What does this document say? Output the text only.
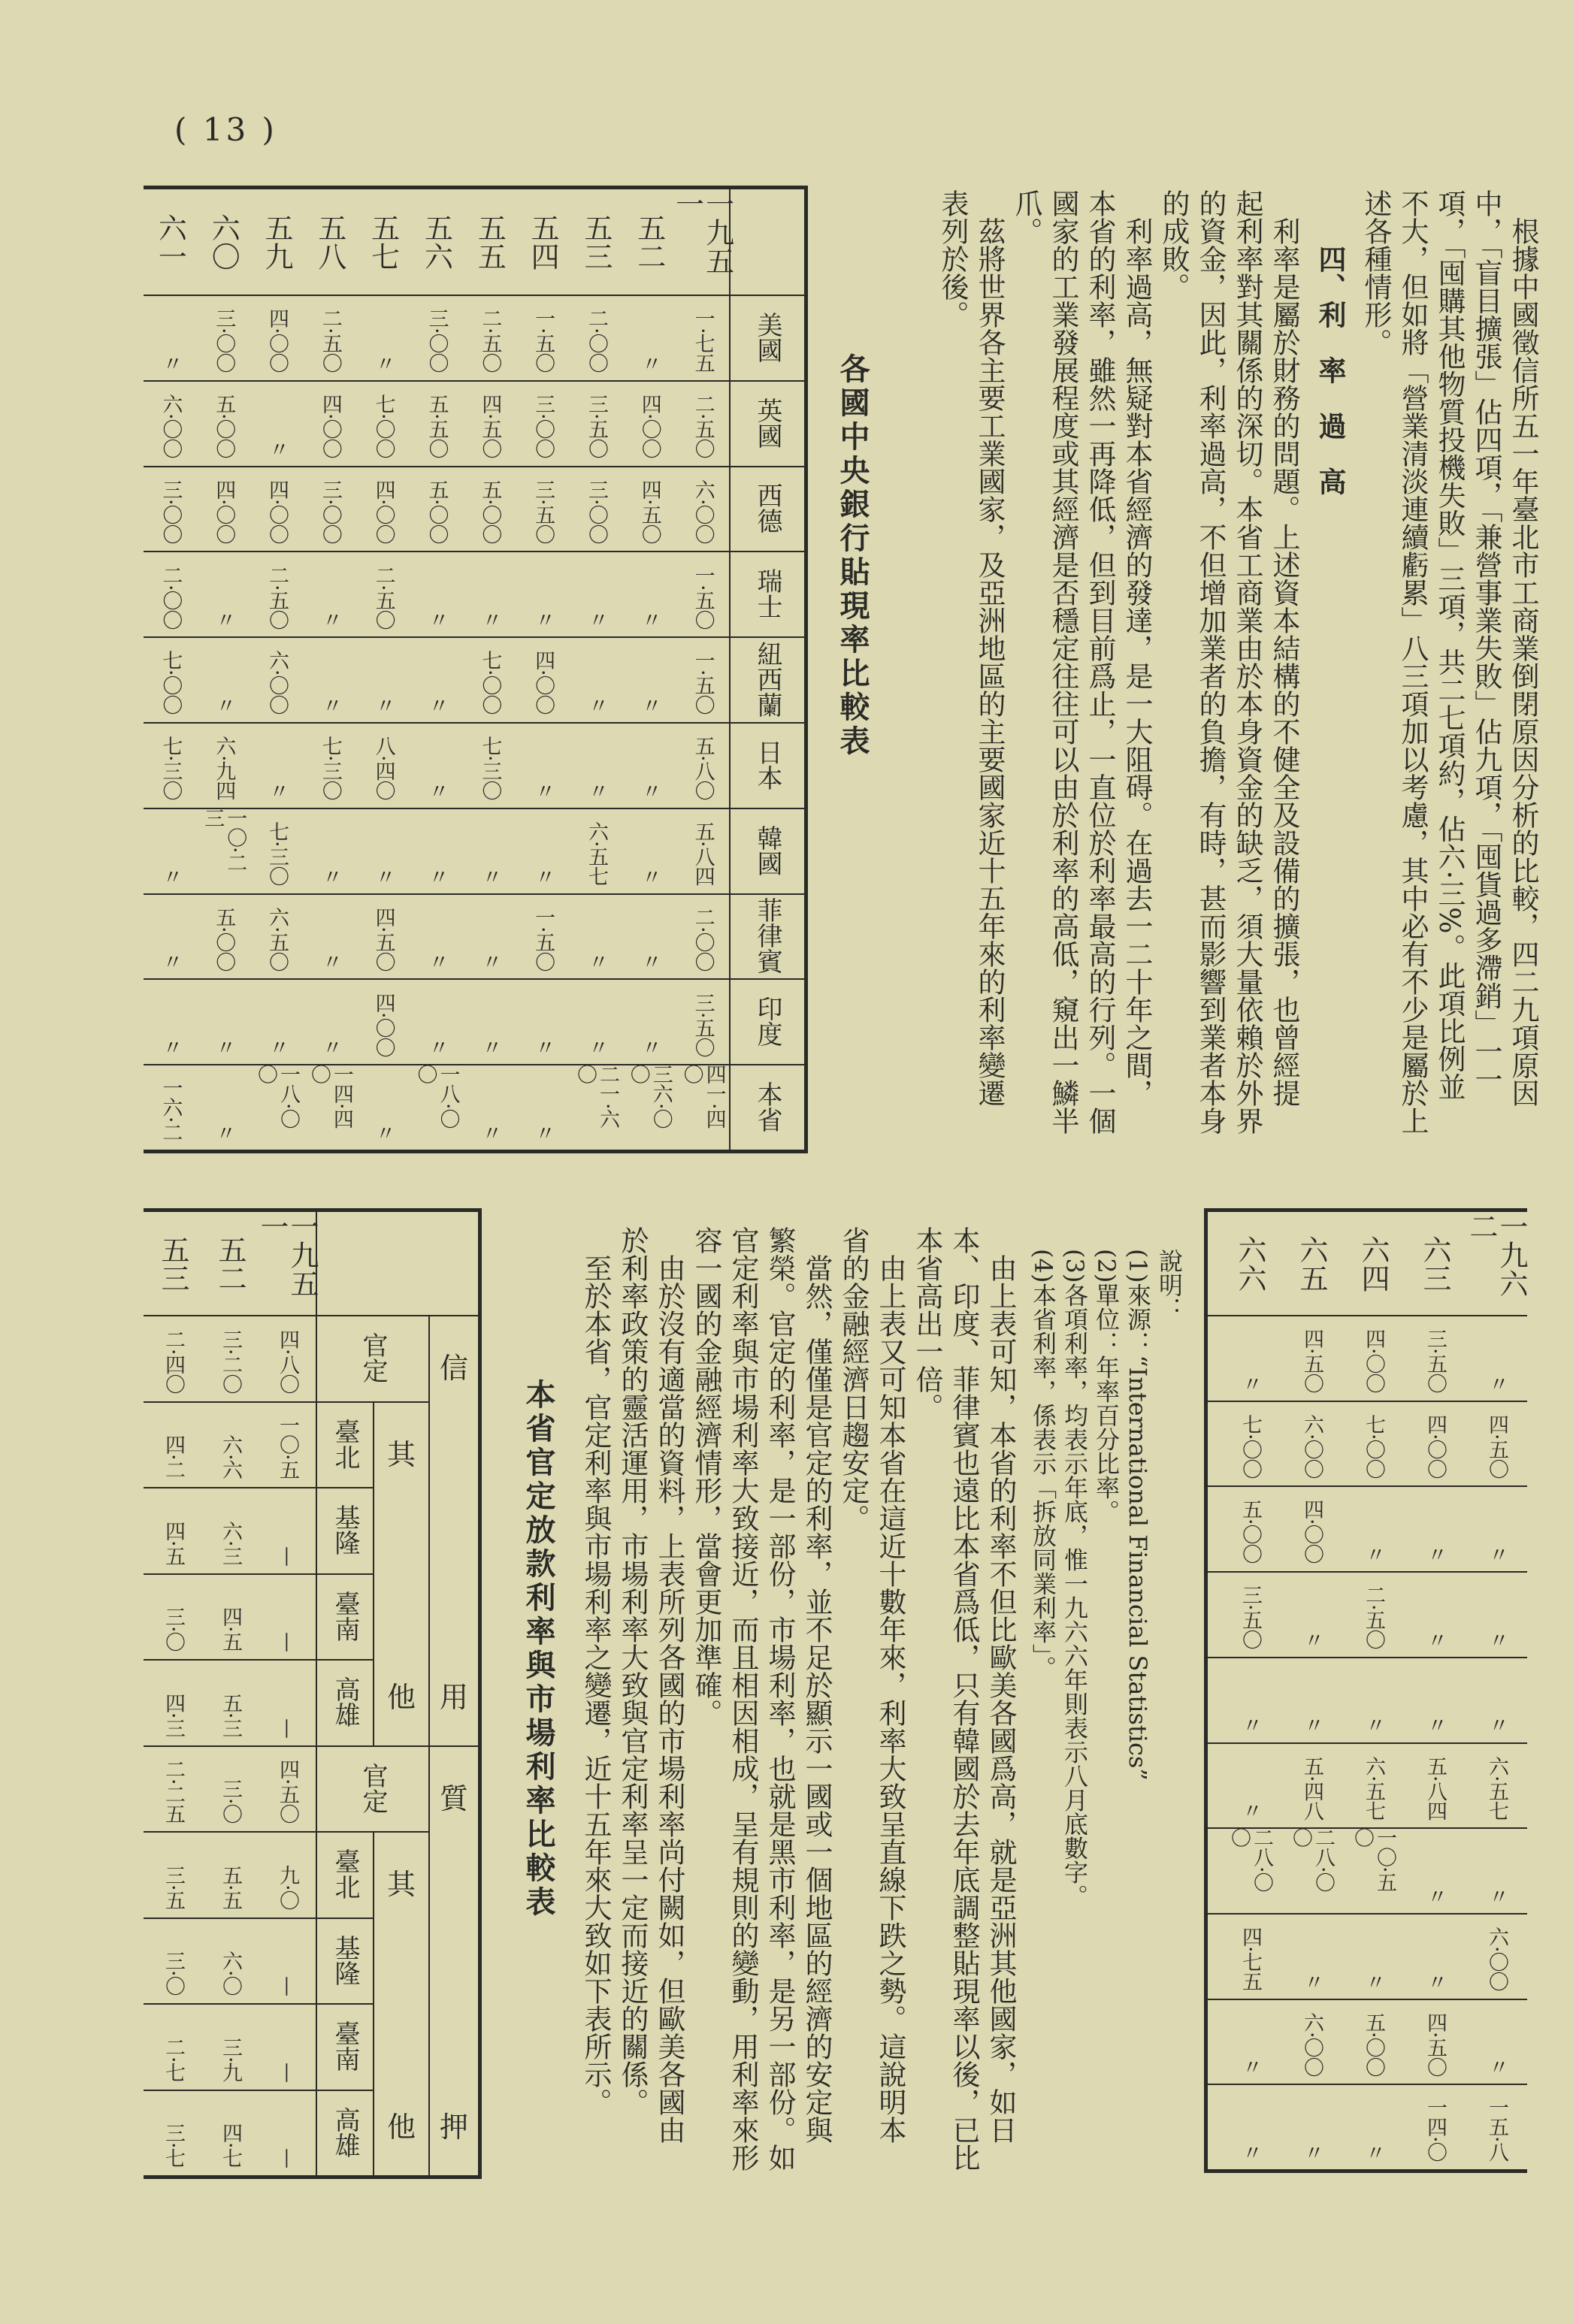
( 13 )
　根據中國徵信所五一年臺北市工商業倒閉原因分析的比較，四二九項原因
中，「盲目擴張」佔四項，「兼營事業失敗」佔九項，「囤貨過多滯銷」一一
項，「囤購其他物質投機失敗」三項，共二七項約，佔六·三%。此項比例並
不大，但如將「營業清淡連續虧累」八三項加以考慮，其中必有不少是屬於上
述各種情形。
　　四、利　率　過　高
　利率是屬於財務的問題。上述資本結構的不健全及設備的擴張，也曾經提
起利率對其關係的深切。本省工商業由於本身資金的缺乏，須大量依賴於外界
的資金，因此，利率過高，不但增加業者的負擔，有時，甚而影響到業者本身
的成敗。
　利率過高，無疑對本省經濟的發達，是一大阻碍。在過去一二十年之間，
本省的利率，雖然一再降低，但到目前爲止，一直位於利率最高的行列。一個
國家的工業發展程度或其經濟是否穩定往往可以由於利率的高低，窺出一鱗半
爪。
　茲將世界各主要工業國家，及亞洲地區的主要國家近十五年來的利率變遷
表列於後。
各國中央銀行貼現率比較表
一九五一
五二
五三
五四
五五
五六
五七
五八
五九
六〇
六一
美國
一·七五
〃
二·〇〇
一·五〇
二·五〇
三·〇〇
〃
二·五〇
四·〇〇
三·〇〇
〃
英國
二·五〇
四·〇〇
三·五〇
三·〇〇
四·五〇
五·五〇
七·〇〇
四·〇〇
〃
五·〇〇
六·〇〇
西德
六·〇〇
四·五〇
三·〇〇
三·五〇
五·〇〇
五·〇〇
四·〇〇
三·〇〇
四·〇〇
四·〇〇
三·〇〇
瑞士
一·五〇
〃
〃
〃
〃
〃
二·五〇
〃
二·五〇
〃
二·〇〇
紐西蘭
一·五〇
〃
〃
四·〇〇
七·〇〇
〃
〃
〃
六·〇〇
〃
七·〇〇
日本
五·八〇
〃
〃
〃
七·三〇
〃
八·四〇
七·三〇
〃
六·九四
七·三〇
韓國
五·八四
〃
六·五七
〃
〃
〃
〃
〃
七·三〇
一〇·二三
〃
菲律賓
二·〇〇
〃
〃
一·五〇
〃
〃
四·五〇
〃
六·五〇
五·〇〇
〃
印度
三·五〇
〃
〃
〃
〃
〃
四·〇〇
〃
〃
〃
〃
本省
四一·四〇
三六·〇〇
二一·六〇
〃
〃
一八·〇〇
〃
一四·四〇
一八·〇〇
〃
一六·二
一九六二
六三
六四
六五
六六
〃
三·五〇
四·〇〇
四·五〇
〃
四·五〇
四·〇〇
七·〇〇
六·〇〇
七·〇〇
〃
〃
〃
四·〇〇
五·〇〇
〃
〃
二·五〇
〃
三·五〇
〃
〃
〃
〃
〃
六·五七
五·八四
六·五七
五·四八
〃
〃
〃
一〇·五〇
二八·〇〇
二八·〇〇
六·〇〇
〃
〃
〃
四·七五
〃
四·五〇
五·〇〇
六·〇〇
〃
一五·八
一四·〇
〃
〃
〃
說明：
(1)來源：“International Financial Statistics”
(2)單位：年率百分比率。
(3)各項利率，均表示年底，惟一九六六年則表示八月底數字。
(4)本省利率，係表示「拆放同業利率」。
　由上表可知，本省的利率不但比歐美各國爲高，就是亞洲其他國家，如日
本、印度、菲律賓也遠比本省爲低，只有韓國於去年底調整貼現率以後，已比
本省高出一倍。
　由上表又可知本省在這近十數年來，利率大致呈直線下跌之勢。這說明本
省的金融經濟日趨安定。
　當然，僅僅是官定的利率，並不足於顯示一國或一個地區的經濟的安定與
繁榮。官定的利率，是一部份，市場利率，也就是黑市利率，是另一部份。如
官定利率與市場利率大致接近，而且相因相成，呈有規則的變動，用利率來形
容一國的金融經濟情形，當會更加準確。
　由於沒有適當的資料，上表所列各國的市場利率尚付闕如，但歐美各國由
於利率政策的靈活運用，市場利率大致與官定利率呈一定而接近的關係。
　至於本省，官定利率與市場利率之變遷，近十五年來大致如下表所示。
本省官定放款利率與市場利率比較表
一九五一
五二
五三
四·八〇
三·二〇
二·四〇
一〇·五
六·六
四·二
—
六·三
四·五
—
四·五
三·〇
—
五·三
四·三
四·五〇
三·〇
二·二五
九·〇
五·五
三·五
—
六·〇
三·〇
—
三·九
二·七
—
四·七
三·七
信
用
官定
其
他
臺北
基隆
臺南
高雄
質
押
官定
其
他
臺北
基隆
臺南
高雄
